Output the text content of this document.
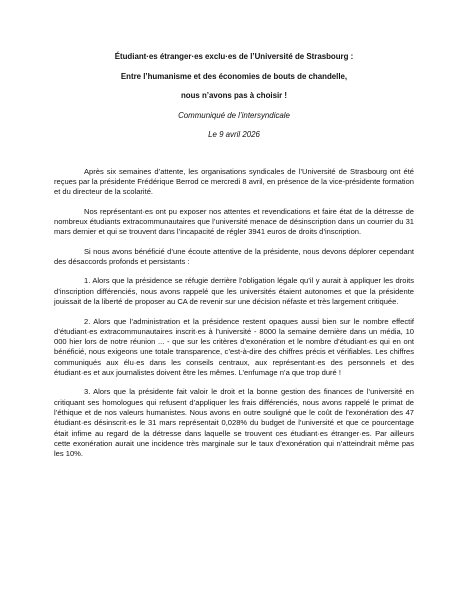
Étudiant·es étranger·es exclu·es de l’Université de Strasbourg :
Entre l’humanisme et des économies de bouts de chandelle,
nous n’avons pas à choisir !
Communiqué de l’intersyndicale
Le 9 avril 2026

Après six semaines d’attente, les organisations syndicales de l’Université de Strasbourg ont été reçues par la présidente Frédérique Berrod ce mercredi 8 avril, en présence de la vice-présidente formation et du directeur de la scolarité.

Nos représentant·es ont pu exposer nos attentes et revendications et faire état de la détresse de nombreux étudiants extracommunautaires que l’université menace de désinscription dans un courrier du 31 mars dernier et qui se trouvent dans l’incapacité de régler 3941 euros de droits d’inscription.

Si nous avons bénéficié d’une écoute attentive de la présidente, nous devons déplorer cependant des désaccords profonds et persistants :

1. Alors que la présidence se réfugie derrière l’obligation légale qu’il y aurait à appliquer les droits d’inscription différenciés, nous avons rappelé que les universités étaient autonomes et que la présidente jouissait de la liberté de proposer au CA de revenir sur une décision néfaste et très largement critiquée.

2. Alors que l’administration et la présidence restent opaques aussi bien sur le nombre effectif d’étudiant·es extracommunautaires inscrit·es à l’université - 8000 la semaine dernière dans un média, 10 000 hier lors de notre réunion ... - que sur les critères d’exonération et le nombre d’étudiant·es qui en ont bénéficié, nous exigeons une totale transparence, c’est-à-dire des chiffres précis et vérifiables. Les chiffres communiqués aux élu·es dans les conseils centraux, aux représentant·es des personnels et des étudiant·es et aux journalistes doivent être les mêmes. L’enfumage n’a que trop duré !

3. Alors que la présidente fait valoir le droit et la bonne gestion des finances de l’université en critiquant ses homologues qui refusent d’appliquer les frais différenciés, nous avons rappelé le primat de l’éthique et de nos valeurs humanistes. Nous avons en outre souligné que le coût de l’exonération des 47 étudiant·es désinscrit·es le 31 mars représentait 0,028% du budget de l’université et que ce pourcentage était infime au regard de la détresse dans laquelle se trouvent ces étudiant·es étranger·es. Par ailleurs cette exonération aurait une incidence très marginale sur le taux d’exonération qui n’atteindrait même pas les 10%.
